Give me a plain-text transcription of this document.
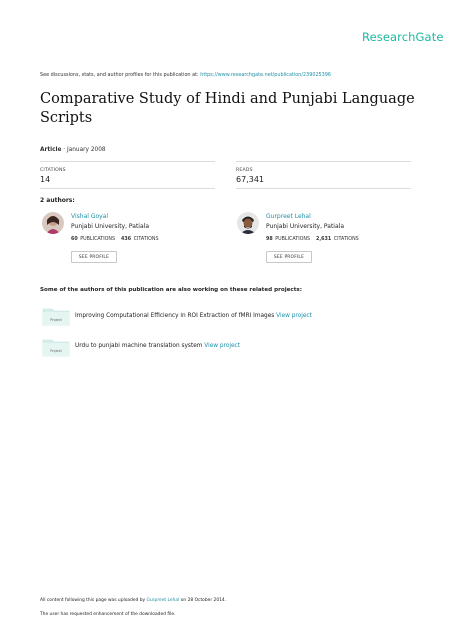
ResearchGate
See discussions, stats, and author profiles for this publication at: https://www.researchgate.net/publication/239025396
Comparative Study of Hindi and Punjabi Language Scripts
Article · January 2008
CITATIONS
14
READS
67,341
2 authors:
Vishal Goyal
Punjabi University, Patiala
60 PUBLICATIONS 436 CITATIONS
SEE PROFILE
Gurpreet Lehal
Punjabi University, Patiala
98 PUBLICATIONS 2,631 CITATIONS
SEE PROFILE
Some of the authors of this publication are also working on these related projects:
Project
Improving Computational Efficiency in ROI Extraction of fMRI Images View project
Project
Urdu to punjabi machine translation system View project
All content following this page was uploaded by Gurpreet Lehal on 28 October 2014.
The user has requested enhancement of the downloaded file.
